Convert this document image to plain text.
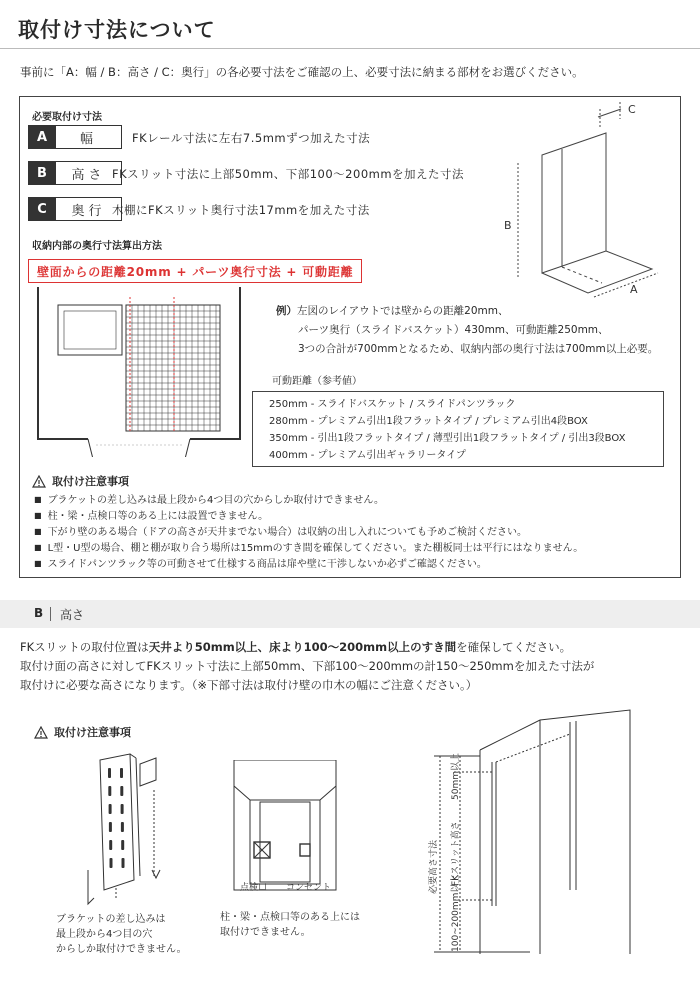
取付け寸法について
事前に「A：幅 / B：高さ / C：奥行」の各必要寸法をご確認の上、必要寸法に納まる部材をお選びください。
必要取付け寸法
A	幅	FKレール寸法に左右7.5mmずつ加えた寸法
B	高さ FKスリット寸法に上部50mm、下部100〜200mmを加えた寸法
C	奥行 木棚にFKスリット奥行寸法17mmを加えた寸法
C
B
A
収納内部の奥行寸法算出方法
壁面からの距離20mm + パーツ奥行寸法 + 可動距離
例）左図のレイアウトでは壁からの距離20mm、
パーツ奥行（スライドバスケット）430mm、可動距離250mm、
3つの合計が700mmとなるため、収納内部の奥行寸法は700mm以上必要。
可動距離（参考値）
250mm - スライドバスケット / スライドパンツラック
280mm - プレミアム引出1段フラットタイプ / プレミアム引出4段BOX
350mm - 引出1段フラットタイプ / 薄型引出1段フラットタイプ / 引出3段BOX
400mm - プレミアム引出ギャラリータイプ
取付け注意事項
■ ブラケットの差し込みは最上段から4つ目の穴からしか取付けできません。
■ 柱・梁・点検口等のある上には設置できません。
■ 下がり壁のある場合（ドアの高さが天井までない場合）は収納の出し入れについても予めご検討ください。
■ L型・U型の場合、棚と棚が取り合う場所は15mmのすき間を確保してください。また棚板同士は平行にはなりません。
■ スライドパンツラック等の可動させて仕様する商品は扉や壁に干渉しないか必ずご確認ください。
B 高さ
FKスリットの取付位置は天井より50mm以上、床より100〜200mm以上のすき間を確保してください。
取付け面の高さに対してFKスリット寸法に上部50mm、下部100〜200mmの計150〜250mmを加えた寸法が
取付けに必要な高さになります。（※下部寸法は取付け壁の巾木の幅にご注意ください。）
取付け注意事項
ブラケットの差し込みは
最上段から4つ目の穴
からしか取付けできません。
点検口 コンセント
柱・梁・点検口等のある上には
取付けできません。
必要高さ寸法
50mm以上
FKスリット高さ
100~200mm以上
